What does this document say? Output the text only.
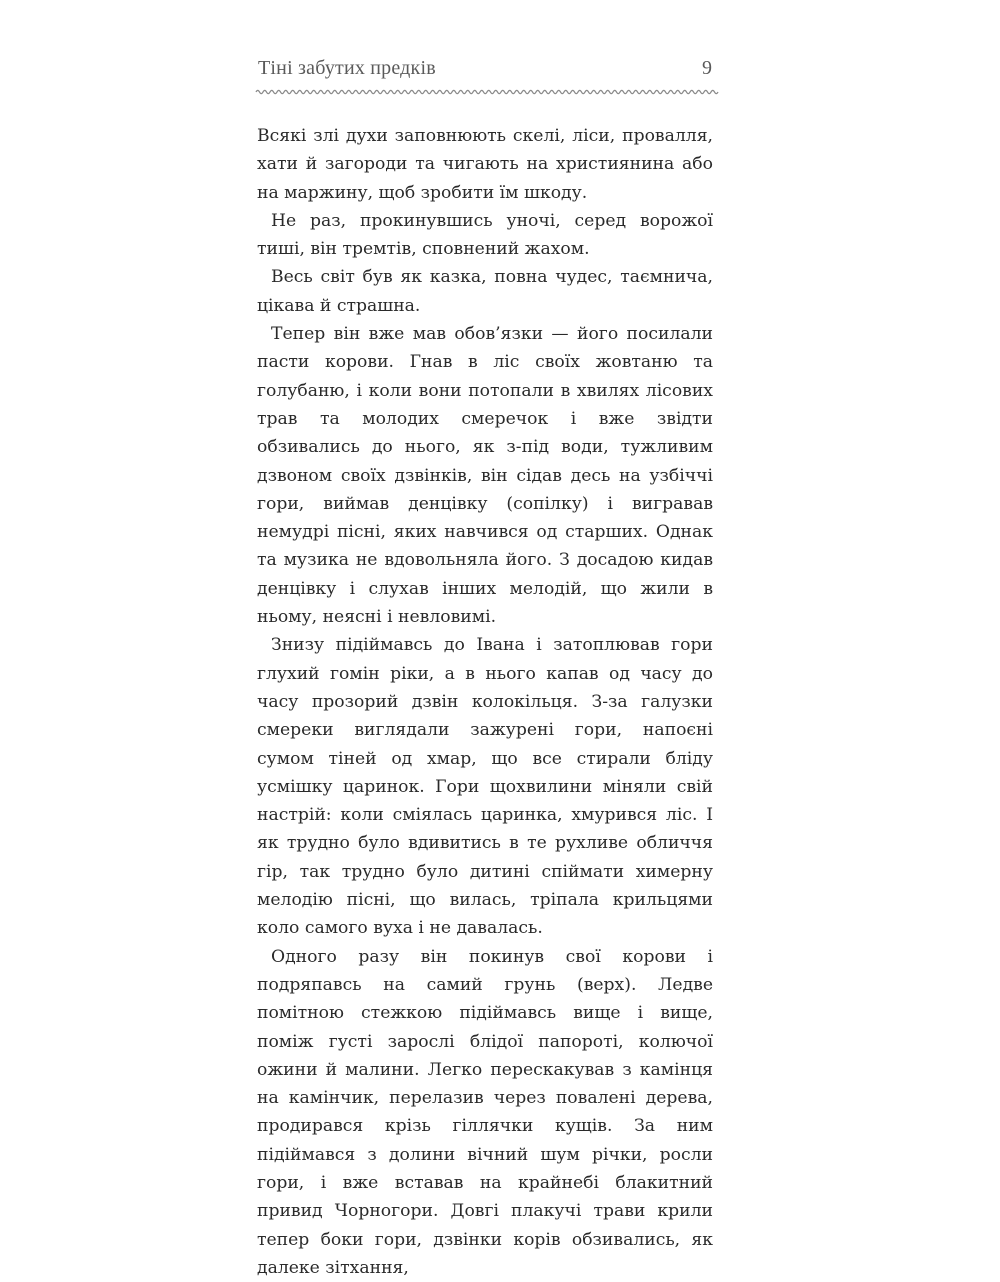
Тіні забутих предків	9

Всякі злі духи заповнюють скелі, ліси, провалля, хати й загороди та чигають на християнина або на маржину, щоб зробити їм шкоду.

Не раз, прокинувшись уночі, серед ворожої тиші, він тремтів, сповнений жахом.

Весь світ був як казка, повна чудес, таємнича, цікава й страшна.

Тепер він вже мав обов’язки — його посилали пасти корови. Гнав в ліс своїх жовтаню та голубаню, і коли вони потопали в хвилях лісових трав та молодих смеречок і вже звідти обзивались до нього, як з-під води, тужливим дзвоном своїх дзвінків, він сідав десь на узбіччі гори, виймав денцівку (сопілку) і вигравав немудрі пісні, яких навчився од старших. Однак та музика не вдовольняла його. З досадою кидав денцівку і слухав інших мелодій, що жили в ньому, неясні і невловимі.

Знизу підіймавсь до Івана і затоплював гори глухий гомін ріки, а в нього капав од часу до часу прозорий дзвін колокільця. З-за галузки смереки виглядали зажурені гори, напоєні сумом тіней од хмар, що все стирали бліду усмішку царинок. Гори щохвилини міняли свій настрій: коли сміялась царинка, хмурився ліс. І як трудно було вдивитись в те рухливе обличчя гір, так трудно було дитині спіймати химерну мелодію пісні, що вилась, тріпала крильцями коло самого вуха і не давалась.

Одного разу він покинув свої корови і подряпавсь на самий грунь (верх). Ледве помітною стежкою підіймавсь вище і вище, поміж густі зарослі блідої папороті, колючої ожини й малини. Легко перескакував з камінця на камінчик, перелазив через повалені дерева, продирався крізь гіллячки кущів. За ним підіймався з долини вічний шум річки, росли гори, і вже вставав на крайнебі блакитний привид Чорногори. Довгі плакучі трави крили тепер боки гори, дзвінки корів обзивались, як далеке зітхання,
